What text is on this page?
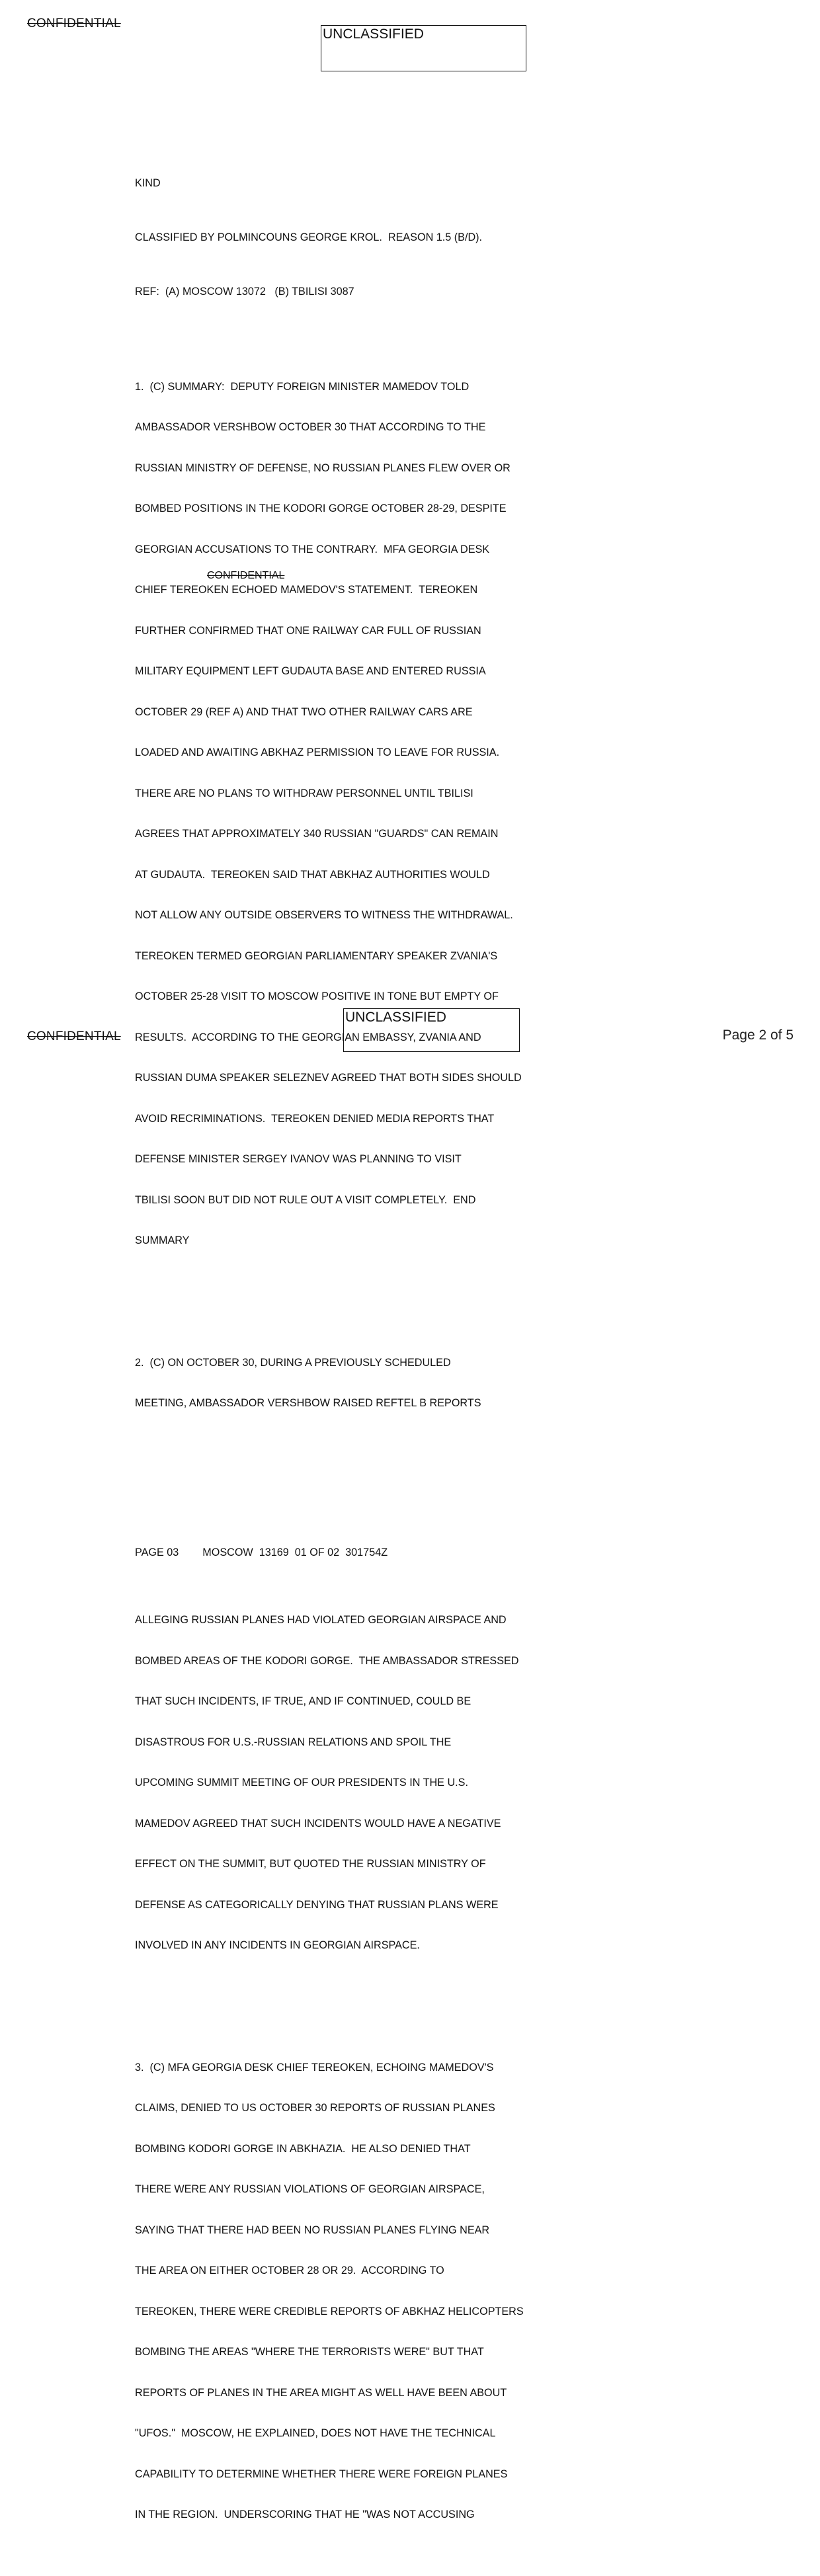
CONFIDENTIAL
UNCLASSIFIED

KIND

CLASSIFIED BY POLMINCOUNS GEORGE KROL.  REASON 1.5 (B/D).

REF:  (A) MOSCOW 13072   (B) TBILISI 3087

1.  (C) SUMMARY:  DEPUTY FOREIGN MINISTER MAMEDOV TOLD

AMBASSADOR VERSHBOW OCTOBER 30 THAT ACCORDING TO THE

RUSSIAN MINISTRY OF DEFENSE, NO RUSSIAN PLANES FLEW OVER OR

BOMBED POSITIONS IN THE KODORI GORGE OCTOBER 28-29, DESPITE

GEORGIAN ACCUSATIONS TO THE CONTRARY.  MFA GEORGIA DESK

CHIEF TEREOKEN ECHOED MAMEDOV'S STATEMENT.  TEREOKEN

FURTHER CONFIRMED THAT ONE RAILWAY CAR FULL OF RUSSIAN

MILITARY EQUIPMENT LEFT GUDAUTA BASE AND ENTERED RUSSIA

OCTOBER 29 (REF A) AND THAT TWO OTHER RAILWAY CARS ARE

LOADED AND AWAITING ABKHAZ PERMISSION TO LEAVE FOR RUSSIA.

THERE ARE NO PLANS TO WITHDRAW PERSONNEL UNTIL TBILISI

AGREES THAT APPROXIMATELY 340 RUSSIAN "GUARDS" CAN REMAIN

AT GUDAUTA.  TEREOKEN SAID THAT ABKHAZ AUTHORITIES WOULD

NOT ALLOW ANY OUTSIDE OBSERVERS TO WITNESS THE WITHDRAWAL.

TEREOKEN TERMED GEORGIAN PARLIAMENTARY SPEAKER ZVANIA'S

OCTOBER 25-28 VISIT TO MOSCOW POSITIVE IN TONE BUT EMPTY OF

RESULTS.  ACCORDING TO THE GEORGIAN EMBASSY, ZVANIA AND

RUSSIAN DUMA SPEAKER SELEZNEV AGREED THAT BOTH SIDES SHOULD

AVOID RECRIMINATIONS.  TEREOKEN DENIED MEDIA REPORTS THAT

DEFENSE MINISTER SERGEY IVANOV WAS PLANNING TO VISIT

TBILISI SOON BUT DID NOT RULE OUT A VISIT COMPLETELY.  END

SUMMARY

2.  (C) ON OCTOBER 30, DURING A PREVIOUSLY SCHEDULED

MEETING, AMBASSADOR VERSHBOW RAISED REFTEL B REPORTS

PAGE 03        MOSCOW  13169  01 OF 02  301754Z

ALLEGING RUSSIAN PLANES HAD VIOLATED GEORGIAN AIRSPACE AND

BOMBED AREAS OF THE KODORI GORGE.  THE AMBASSADOR STRESSED

THAT SUCH INCIDENTS, IF TRUE, AND IF CONTINUED, COULD BE

DISASTROUS FOR U.S.-RUSSIAN RELATIONS AND SPOIL THE

UPCOMING SUMMIT MEETING OF OUR PRESIDENTS IN THE U.S.

MAMEDOV AGREED THAT SUCH INCIDENTS WOULD HAVE A NEGATIVE

EFFECT ON THE SUMMIT, BUT QUOTED THE RUSSIAN MINISTRY OF

DEFENSE AS CATEGORICALLY DENYING THAT RUSSIAN PLANS WERE

INVOLVED IN ANY INCIDENTS IN GEORGIAN AIRSPACE.

3.  (C) MFA GEORGIA DESK CHIEF TEREOKEN, ECHOING MAMEDOV'S

CLAIMS, DENIED TO US OCTOBER 30 REPORTS OF RUSSIAN PLANES

BOMBING KODORI GORGE IN ABKHAZIA.  HE ALSO DENIED THAT

THERE WERE ANY RUSSIAN VIOLATIONS OF GEORGIAN AIRSPACE,

SAYING THAT THERE HAD BEEN NO RUSSIAN PLANES FLYING NEAR

THE AREA ON EITHER OCTOBER 28 OR 29.  ACCORDING TO

TEREOKEN, THERE WERE CREDIBLE REPORTS OF ABKHAZ HELICOPTERS

BOMBING THE AREAS "WHERE THE TERRORISTS WERE" BUT THAT

REPORTS OF PLANES IN THE AREA MIGHT AS WELL HAVE BEEN ABOUT

"UFOS."  MOSCOW, HE EXPLAINED, DOES NOT HAVE THE TECHNICAL

CAPABILITY TO DETERMINE WHETHER THERE WERE FOREIGN PLANES

IN THE REGION.  UNDERSCORING THAT HE "WAS NOT ACCUSING

CONFIDENTIAL
CONFIDENTIAL
UNCLASSIFIED
Page 2 of 5
